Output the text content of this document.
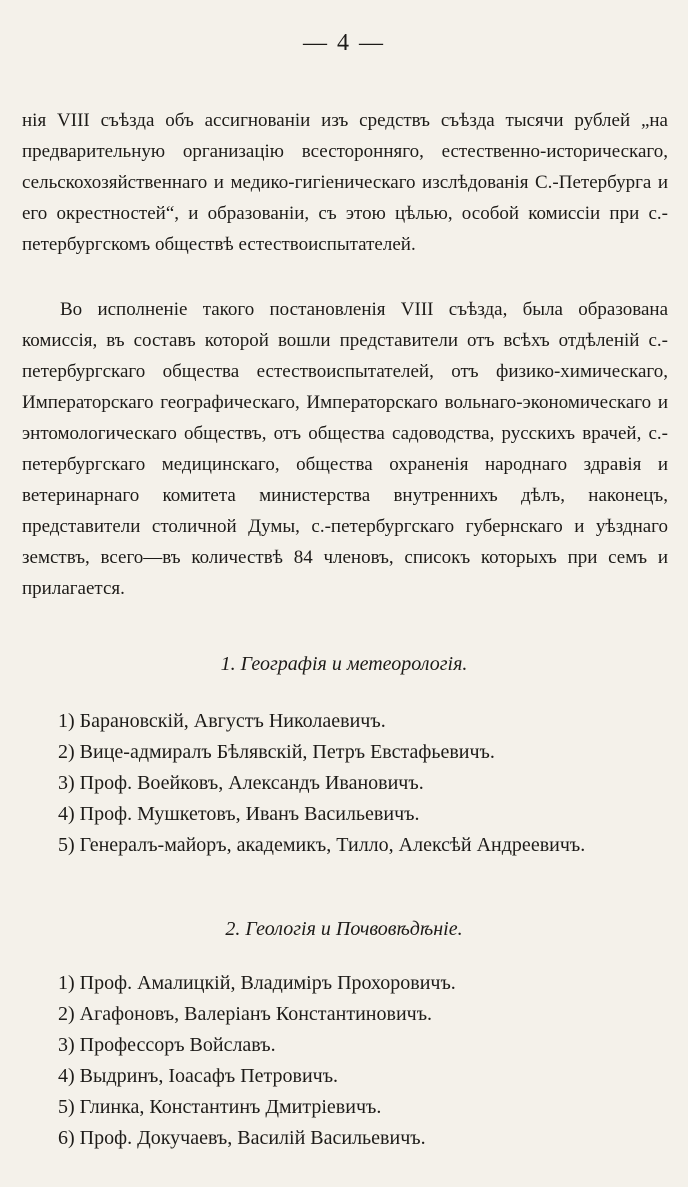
— 4 —

нія VIII съѣзда объ ассигнованіи изъ средствъ съѣзда тысячи рублей „на предварительную организацію всесторонняго, естественно-историческаго, сельскохозяйственнаго и медико-гигіеническаго изслѣдованія С.-Петербурга и его окрестностей“, и образованіи, съ этою цѣлью, особой комиссіи при с.-петербургскомъ обществѣ естествоиспытателей.

Во исполненіе такого постановленія VIII съѣзда, была образована комиссія, въ составъ которой вошли представители отъ всѣхъ отдѣленій с.-петербургскаго общества естествоиспытателей, отъ физико-химическаго, Императорскаго географическаго, Императорскаго вольнаго-экономическаго и энтомологическаго обществъ, отъ общества садоводства, русскихъ врачей, с.-петербургскаго медицинскаго, общества охраненія народнаго здравія и ветеринарнаго комитета министерства внутреннихъ дѣлъ, наконецъ, представители столичной Думы, с.-петербургскаго губернскаго и уѣзднаго земствъ, всего—въ количествѣ 84 членовъ, списокъ которыхъ при семъ и прилагается.

1. Географія и метеорологія.
1) Барановскій, Августъ Николаевичъ.
2) Вице-адмиралъ Бѣлявскій, Петръ Евстафьевичъ.
3) Проф. Воейковъ, Александъ Ивановичъ.
4) Проф. Мушкетовъ, Иванъ Васильевичъ.
5) Генералъ-майоръ, академикъ, Тилло, Алексѣй Андреевичъ.
2. Геологія и Почвовѣдѣніе.
1) Проф. Амалицкій, Владиміръ Прохоровичъ.
2) Агафоновъ, Валеріанъ Константиновичъ.
3) Профессоръ Войславъ.
4) Выдринъ, Іоасафъ Петровичъ.
5) Глинка, Константинъ Дмитріевичъ.
6) Проф. Докучаевъ, Василій Васильевичъ.
